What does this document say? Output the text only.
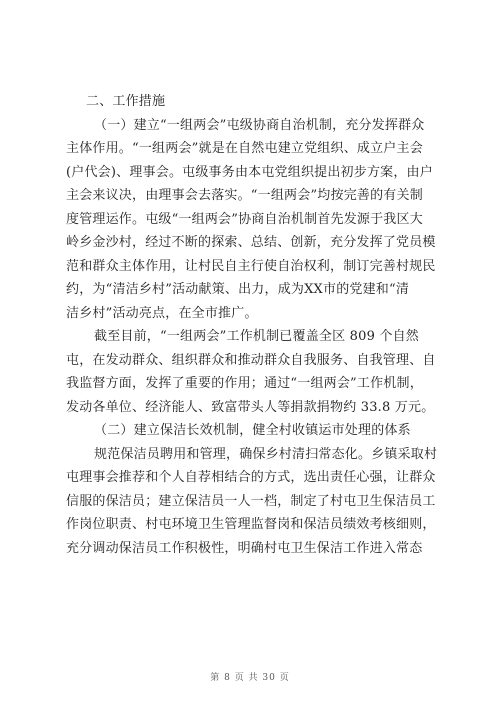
二、工作措施
（一）建立“一组两会”屯级协商自治机制，充分发挥群众
主体作用。“一组两会”就是在自然屯建立党组织、成立户主会
(户代会)、理事会。屯级事务由本屯党组织提出初步方案，由户
主会来议决，由理事会去落实。“一组两会”均按完善的有关制
度管理运作。屯级“一组两会”协商自治机制首先发源于我区大
岭乡金沙村，经过不断的探索、总结、创新，充分发挥了党员模
范和群众主体作用，让村民自主行使自治权利，制订完善村规民
约，为“清洁乡村”活动献策、出力，成为XX市的党建和“清
洁乡村”活动亮点，在全市推广。
截至目前，“一组两会”工作机制已覆盖全区 809 个自然
屯，在发动群众、组织群众和推动群众自我服务、自我管理、自
我监督方面，发挥了重要的作用；通过“一组两会”工作机制，
发动各单位、经济能人、致富带头人等捐款捐物约 33.8 万元。
（二）建立保洁长效机制，健全村收镇运市处理的体系
规范保洁员聘用和管理，确保乡村清扫常态化。乡镇采取村
屯理事会推荐和个人自荐相结合的方式，选出责任心强，让群众
信服的保洁员；建立保洁员一人一档，制定了村屯卫生保洁员工
作岗位职责、村屯环境卫生管理监督岗和保洁员绩效考核细则，
充分调动保洁员工作积极性，明确村屯卫生保洁工作进入常态
第 8 页 共 30 页
